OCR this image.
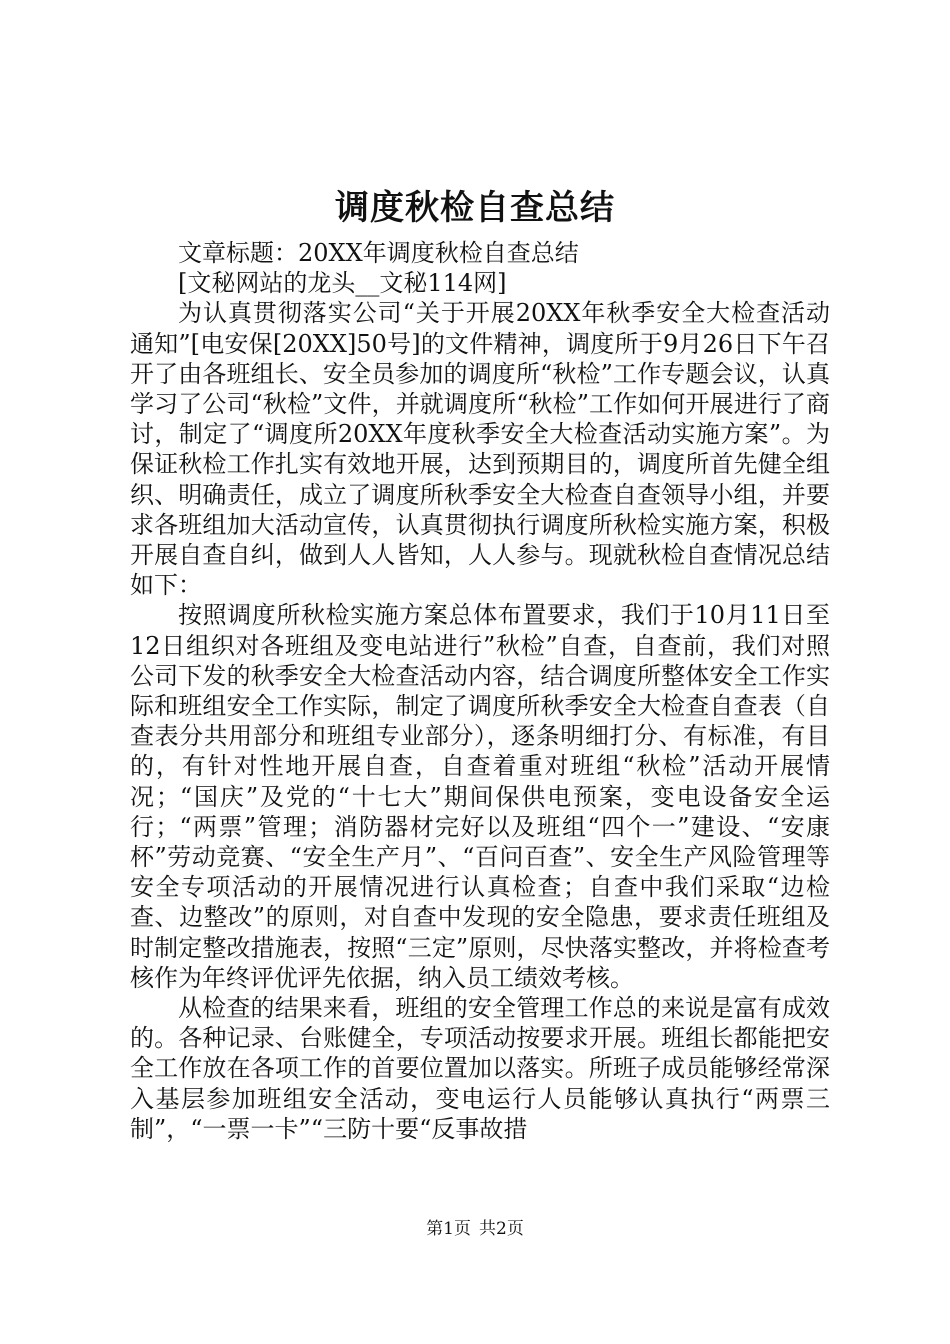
调度秋检自查总结

文章标题：20XX年调度秋检自查总结

[文秘网站的龙头__文秘114网]

为认真贯彻落实公司“关于开展20XX年秋季安全大检查活动通知”[电安保[20XX]50号]的文件精神，调度所于9月26日下午召开了由各班组长、安全员参加的调度所“秋检”工作专题会议，认真学习了公司“秋检”文件，并就调度所“秋检”工作如何开展进行了商讨，制定了“调度所20XX年度秋季安全大检查活动实施方案”。为保证秋检工作扎实有效地开展，达到预期目的，调度所首先健全组织、明确责任，成立了调度所秋季安全大检查自查领导小组，并要求各班组加大活动宣传，认真贯彻执行调度所秋检实施方案，积极开展自查自纠，做到人人皆知，人人参与。现就秋检自查情况总结如下：

按照调度所秋检实施方案总体布置要求，我们于10月11日至12日组织对各班组及变电站进行”秋检”自查，自查前，我们对照公司下发的秋季安全大检查活动内容，结合调度所整体安全工作实际和班组安全工作实际，制定了调度所秋季安全大检查自查表（自查表分共用部分和班组专业部分），逐条明细打分、有标准，有目的，有针对性地开展自查，自查着重对班组“秋检”活动开展情况；“国庆”及党的“十七大”期间保供电预案，变电设备安全运行；“两票”管理；消防器材完好以及班组“四个一”建设、“安康杯”劳动竞赛、“安全生产月”、“百问百查”、安全生产风险管理等安全专项活动的开展情况进行认真检查；自查中我们采取“边检查、边整改”的原则，对自查中发现的安全隐患，要求责任班组及时制定整改措施表，按照“三定”原则，尽快落实整改，并将检查考核作为年终评优评先依据，纳入员工绩效考核。

从检查的结果来看，班组的安全管理工作总的来说是富有成效的。各种记录、台账健全，专项活动按要求开展。班组长都能把安全工作放在各项工作的首要位置加以落实。所班子成员能够经常深入基层参加班组安全活动，变电运行人员能够认真执行“两票三制”，“一票一卡”“三防十要“反事故措

第1页 共2页
